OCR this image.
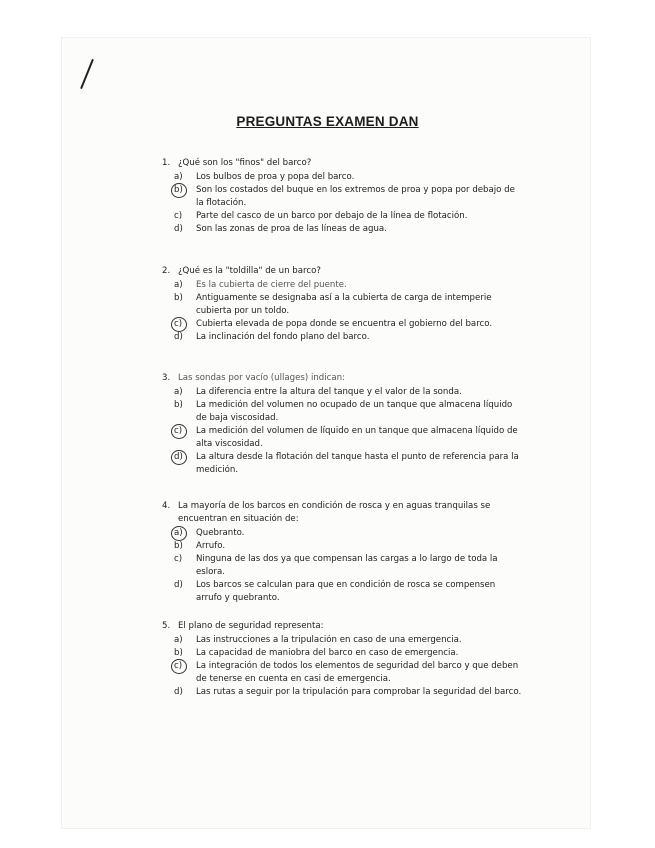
PREGUNTAS EXAMEN DAN
1. ¿Qué son los "finos" del barco?
a)	Los bulbos de proa y popa del barco.
b)	Son los costados del buque en los extremos de proa y popa por debajo de la flotación.
c)	Parte del casco de un barco por debajo de la línea de flotación.
d)	Son las zonas de proa de las líneas de agua.
2. ¿Qué es la "toldilla" de un barco?
a)	Es la cubierta de cierre del puente.
b)	Antiguamente se designaba así a la cubierta de carga de intemperie cubierta por un toldo.
c)	Cubierta elevada de popa donde se encuentra el gobierno del barco.
d)	La inclinación del fondo plano del barco.
3. Las sondas por vacío (ullages) indican:
a)	La diferencia entre la altura del tanque y el valor de la sonda.
b)	La medición del volumen no ocupado de un tanque que almacena líquido de baja viscosidad.
c)	La medición del volumen de líquido en un tanque que almacena líquido de alta viscosidad.
d)	La altura desde la flotación del tanque hasta el punto de referencia para la medición.
4. La mayoría de los barcos en condición de rosca y en aguas tranquilas se encuentran en situación de:
a)	Quebranto.
b)	Arrufo.
c)	Ninguna de las dos ya que compensan las cargas a lo largo de toda la eslora.
d)	Los barcos se calculan para que en condición de rosca se compensen arrufo y quebranto.
5. El plano de seguridad representa:
a)	Las instrucciones a la tripulación en caso de una emergencia.
b)	La capacidad de maniobra del barco en caso de emergencia.
c)	La integración de todos los elementos de seguridad del barco y que deben de tenerse en cuenta en casi de emergencia.
d)	Las rutas a seguir por la tripulación para comprobar la seguridad del barco.
